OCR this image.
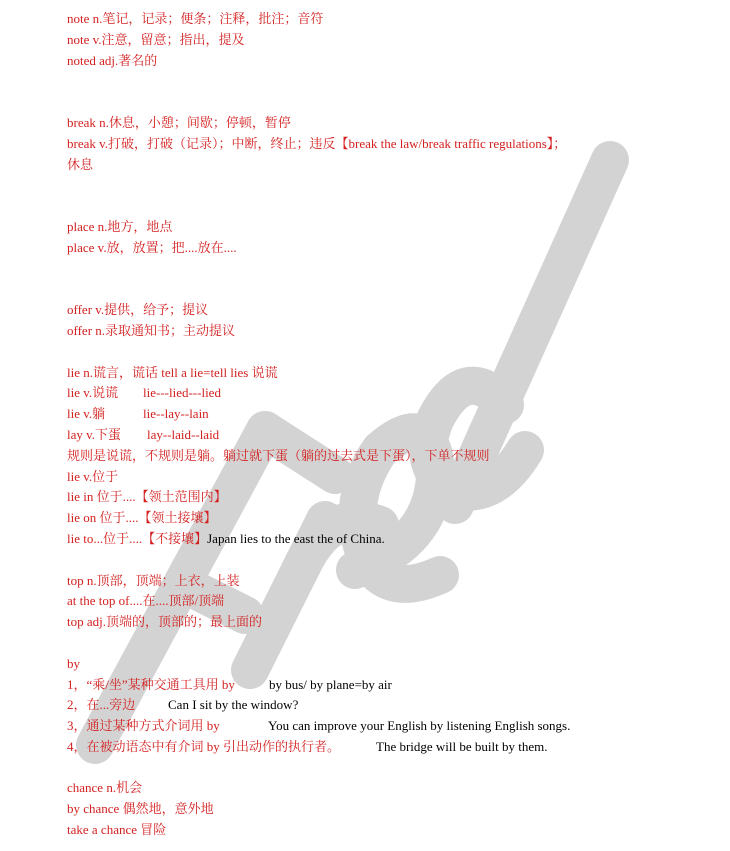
note n.笔记，记录；便条；注释，批注；音符
note v.注意，留意；指出，提及
noted adj.著名的
break n.休息，小憩；间歇；停顿，暂停
break v.打破，打破（记录）；中断，终止；违反【break the law/break traffic regulations】；
休息
place n.地方，地点
place v.放，放置；把....放在....
offer v.提供，给予；提议
offer n.录取通知书；主动提议
lie n.谎言，谎话 tell a lie=tell lies 说谎
lie v.说谎 lie---lied---lied
lie v.躺	lie--lay--lain
lay v.下蛋 lay--laid--laid
规则是说谎，不规则是躺。躺过就下蛋（躺的过去式是下蛋），下单不规则
lie v.位于
lie in 位于....【领土范围内】
lie on 位于....【领土接壤】
lie to...位于....【不接壤】Japan lies to the east the of China.
top n.顶部，顶端；上衣，上装
at the top of....在....顶部/顶端
top adj.顶端的，顶部的；最上面的
by
1，“乘/坐”某种交通工具用 by	by bus/ by plane=by air
2，在...旁边	Can I sit by the window?
3，通过某种方式介词用 by	You can improve your English by listening English songs.
4，在被动语态中有介词 by 引出动作的执行者。	The bridge will be built by them.
chance n.机会
by chance 偶然地，意外地
take a chance 冒险
